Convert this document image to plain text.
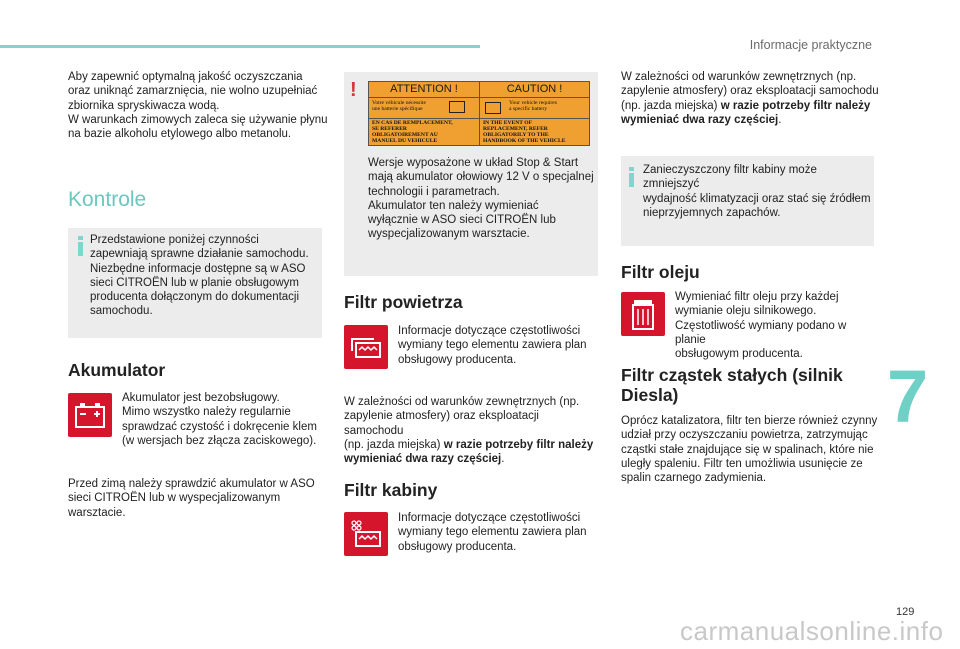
Informacje praktyczne

Aby zapewnić optymalną jakość oczyszczania

oraz uniknąć zamarznięcia, nie wolno uzupełniać

zbiornika spryskiwacza wodą.

W warunkach zimowych zaleca się używanie płynu

na bazie alkoholu etylowego albo metanolu.

Kontrole

Przedstawione poniżej czynności

zapewniają sprawne działanie samochodu.

Niezbędne informacje dostępne są w ASO

sieci CITROËN lub w planie obsługowym

producenta dołączonym do dokumentacji

samochodu.

Akumulator

Akumulator jest bezobsługowy.

Mimo wszystko należy regularnie

sprawdzać czystość i dokręcenie klem

(w wersjach bez złącza zaciskowego).

Przed zimą należy sprawdzić akumulator w ASO

sieci CITROËN lub w wyspecjalizowanym

warsztacie.

!	ATTENTION !	CAUTION !
Votre véhicule nécessite
une batterie spécifique
Your vehicle requires
a specific battery
EN CAS DE REMPLACEMENT,
SE REFERER
OBLIGATOIREMENT AU
MANUEL DU VEHICULE
IN THE EVENT OF
REPLACEMENT, REFER
OBLIGATORILY TO THE
HANDBOOK OF THE VEHICLE

Wersje wyposażone w układ Stop & Start

mają akumulator ołowiowy 12 V o specjalnej

technologii i parametrach.

Akumulator ten należy wymieniać

wyłącznie w ASO sieci CITROËN lub

wyspecjalizowanym warsztacie.

Filtr powietrza

Informacje dotyczące częstotliwości

wymiany tego elementu zawiera plan

obsługowy producenta.

W zależności od warunków zewnętrznych (np.

zapylenie atmosfery) oraz eksploatacji samochodu

(np. jazda miejska) w razie potrzeby filtr należy

wymieniać dwa razy częściej.

Filtr kabiny

Informacje dotyczące częstotliwości

wymiany tego elementu zawiera plan

obsługowy producenta.

W zależności od warunków zewnętrznych (np.

zapylenie atmosfery) oraz eksploatacji samochodu

(np. jazda miejska) w razie potrzeby filtr należy

wymieniać dwa razy częściej.

Zanieczyszczony filtr kabiny może zmniejszyć

wydajność klimatyzacji oraz stać się źródłem

nieprzyjemnych zapachów.

Filtr oleju

Wymieniać filtr oleju przy każdej

wymianie oleju silnikowego.

Częstotliwość wymiany podano w planie

obsługowym producenta.

Filtr cząstek stałych (silnik
Diesla)

Oprócz katalizatora, filtr ten bierze również czynny

udział przy oczyszczaniu powietrza, zatrzymując

cząstki stałe znajdujące się w spalinach, które nie

uległy spaleniu. Filtr ten umożliwia usunięcie ze

spalin czarnego zadymienia.

7
129
carmanualsonline.info
